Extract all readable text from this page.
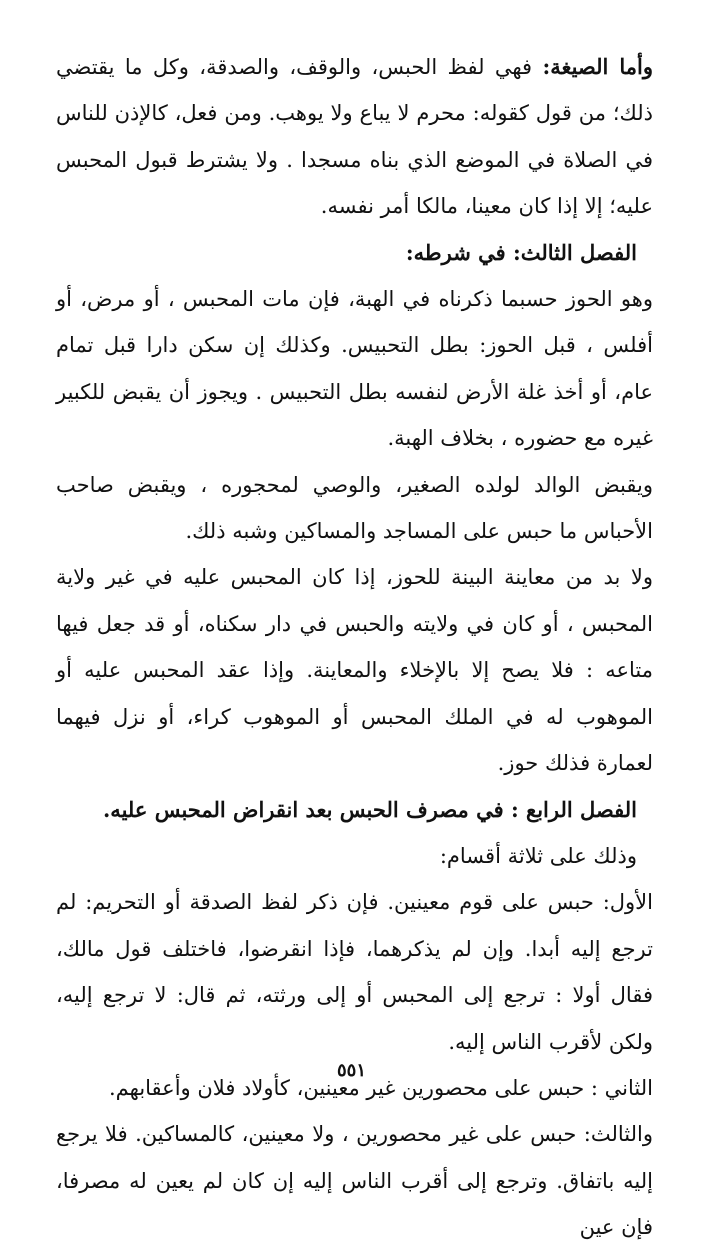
وأما الصيغة: فهي لفظ الحبس، والوقف، والصدقة، وكل ما يقتضي ذلك؛ من قول كقوله: محرم لا يباع ولا يوهب. ومن فعل، كالإذن للناس في الصلاة في الموضع الذي بناه مسجدا . ولا يشترط قبول المحبس عليه؛ إلا إذا كان معينا، مالكا أمر نفسه.

الفصل الثالث: في شرطه:

وهو الحوز حسبما ذكرناه في الهبة، فإن مات المحبس ، أو مرض، أو أفلس ، قبل الحوز: بطل التحبيس. وكذلك إن سكن دارا قبل تمام عام، أو أخذ غلة الأرض لنفسه بطل التحبيس . ويجوز أن يقبض للكبير غيره مع حضوره ، بخلاف الهبة.

ويقبض الوالد لولده الصغير، والوصي لمحجوره ، ويقبض صاحب الأحباس ما حبس على المساجد والمساكين وشبه ذلك.

ولا بد من معاينة البينة للحوز، إذا كان المحبس عليه في غير ولاية المحبس ، أو كان في ولايته والحبس في دار سكناه، أو قد جعل فيها متاعه : فلا يصح إلا بالإخلاء والمعاينة. وإذا عقد المحبس عليه أو الموهوب له في الملك المحبس أو الموهوب كراء، أو نزل فيهما لعمارة فذلك حوز.

الفصل الرابع : في مصرف الحبس بعد انقراض المحبس عليه.

وذلك على ثلاثة أقسام:

الأول: حبس على قوم معينين. فإن ذكر لفظ الصدقة أو التحريم: لم ترجع إليه أبدا. وإن لم يذكرهما، فإذا انقرضوا، فاختلف قول مالك، فقال أولا : ترجع إلى المحبس أو إلى ورثته، ثم قال: لا ترجع إليه، ولكن لأقرب الناس إليه.

الثاني : حبس على محصورين غير معينين، كأولاد فلان وأعقابهم.

والثالث: حبس على غير محصورين ، ولا معينين، كالمساكين. فلا يرجع إليه باتفاق. وترجع إلى أقرب الناس إليه إن كان لم يعين له مصرفا، فإن عين

٥٥١
